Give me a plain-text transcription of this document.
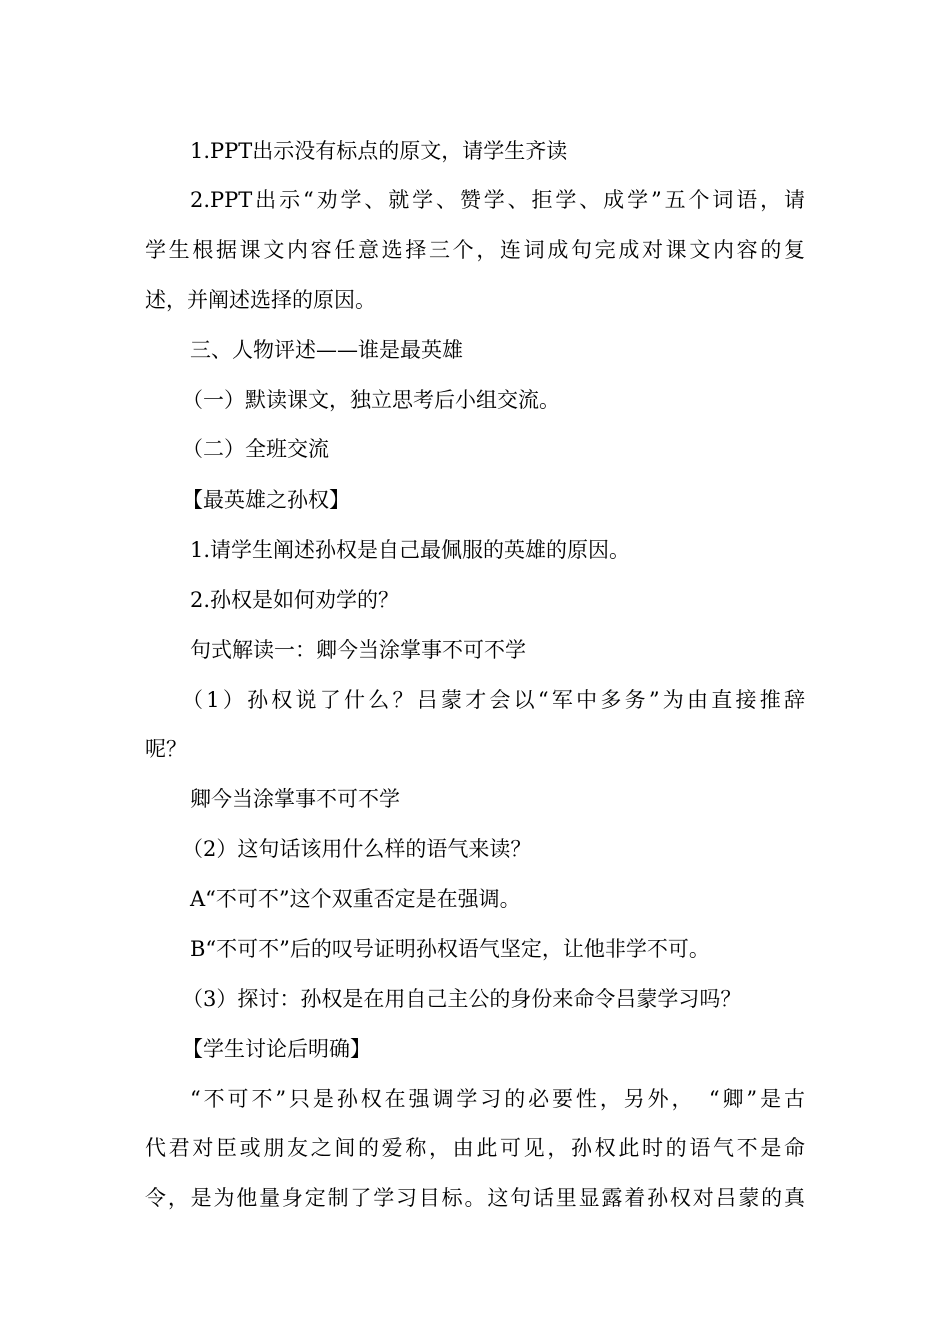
1.PPT出示没有标点的原文，请学生齐读
2.PPT出示“劝学、就学、赞学、拒学、成学”五个词语，请
学生根据课文内容任意选择三个，连词成句完成对课文内容的复
述，并阐述选择的原因。
三、人物评述——谁是最英雄
（一）默读课文，独立思考后小组交流。
（二）全班交流
【最英雄之孙权】
1.请学生阐述孙权是自己最佩服的英雄的原因。
2.孙权是如何劝学的？
句式解读一：卿今当涂掌事不可不学
（1）孙权说了什么？吕蒙才会以“军中多务”为由直接推辞
呢？
卿今当涂掌事不可不学
（2）这句话该用什么样的语气来读？
A“不可不”这个双重否定是在强调。
B“不可不”后的叹号证明孙权语气坚定，让他非学不可。
（3）探讨：孙权是在用自己主公的身份来命令吕蒙学习吗？
【学生讨论后明确】
“不可不”只是孙权在强调学习的必要性，另外，　“卿”是古
代君对臣或朋友之间的爱称，由此可见，孙权此时的语气不是命
令，是为他量身定制了学习目标。这句话里显露着孙权对吕蒙的真
